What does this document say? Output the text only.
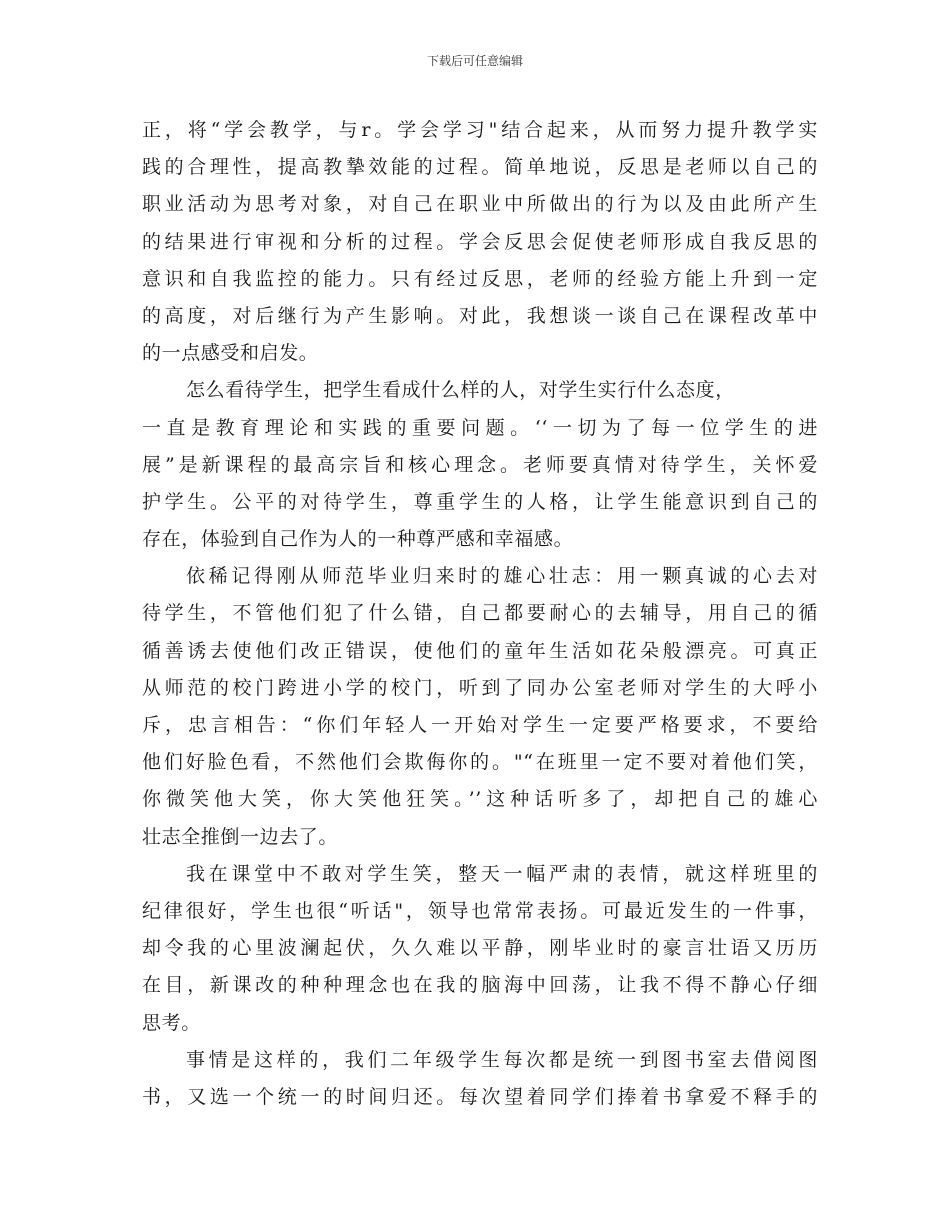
下载后可任意编辑
正，将“学会教学，与r。学会学习"结合起来，从而努力提升教学实
践的合理性，提高教摯效能的过程。简单地说，反思是老师以自己的
职业活动为思考对象，对自己在职业中所做出的行为以及由此所产生
的结果进行审视和分析的过程。学会反思会促使老师形成自我反思的
意识和自我监控的能力。只有经过反思，老师的经验方能上升到一定
的高度，对后继行为产生影响。对此，我想谈一谈自己在课程改革中
的一点感受和启发。
怎么看待学生，把学生看成什么样的人，对学生实行什么态度，
一直是教育理论和实践的重要问题。‘‘一切为了每一位学生的进
展”是新课程的最高宗旨和核心理念。老师要真情对待学生，关怀爱
护学生。公平的对待学生，尊重学生的人格，让学生能意识到自己的
存在，体验到自己作为人的一种尊严感和幸福感。
依稀记得刚从师范毕业归来时的雄心壮志：用一颗真诚的心去对
待学生，不管他们犯了什么错，自己都要耐心的去辅导，用自己的循
循善诱去使他们改正错误，使他们的童年生活如花朵般漂亮。可真正
从师范的校门跨进小学的校门，听到了同办公室老师对学生的大呼小
斥，忠言相告：“你们年轻人一开始对学生一定要严格要求，不要给
他们好脸色看，不然他们会欺侮你的。"“在班里一定不要对着他们笑，
你微笑他大笑，你大笑他狂笑。’’这种话听多了，却把自己的雄心
壮志全推倒一边去了。
我在课堂中不敢对学生笑，整天一幅严肃的表情，就这样班里的
纪律很好，学生也很“听话"，领导也常常表扬。可最近发生的一件事，
却令我的心里波澜起伏，久久难以平静，刚毕业时的豪言壮语又历历
在目，新课改的种种理念也在我的脑海中回荡，让我不得不静心仔细
思考。
事情是这样的，我们二年级学生每次都是统一到图书室去借阅图
书，又选一个统一的时间归还。每次望着同学们捧着书拿爱不释手的
